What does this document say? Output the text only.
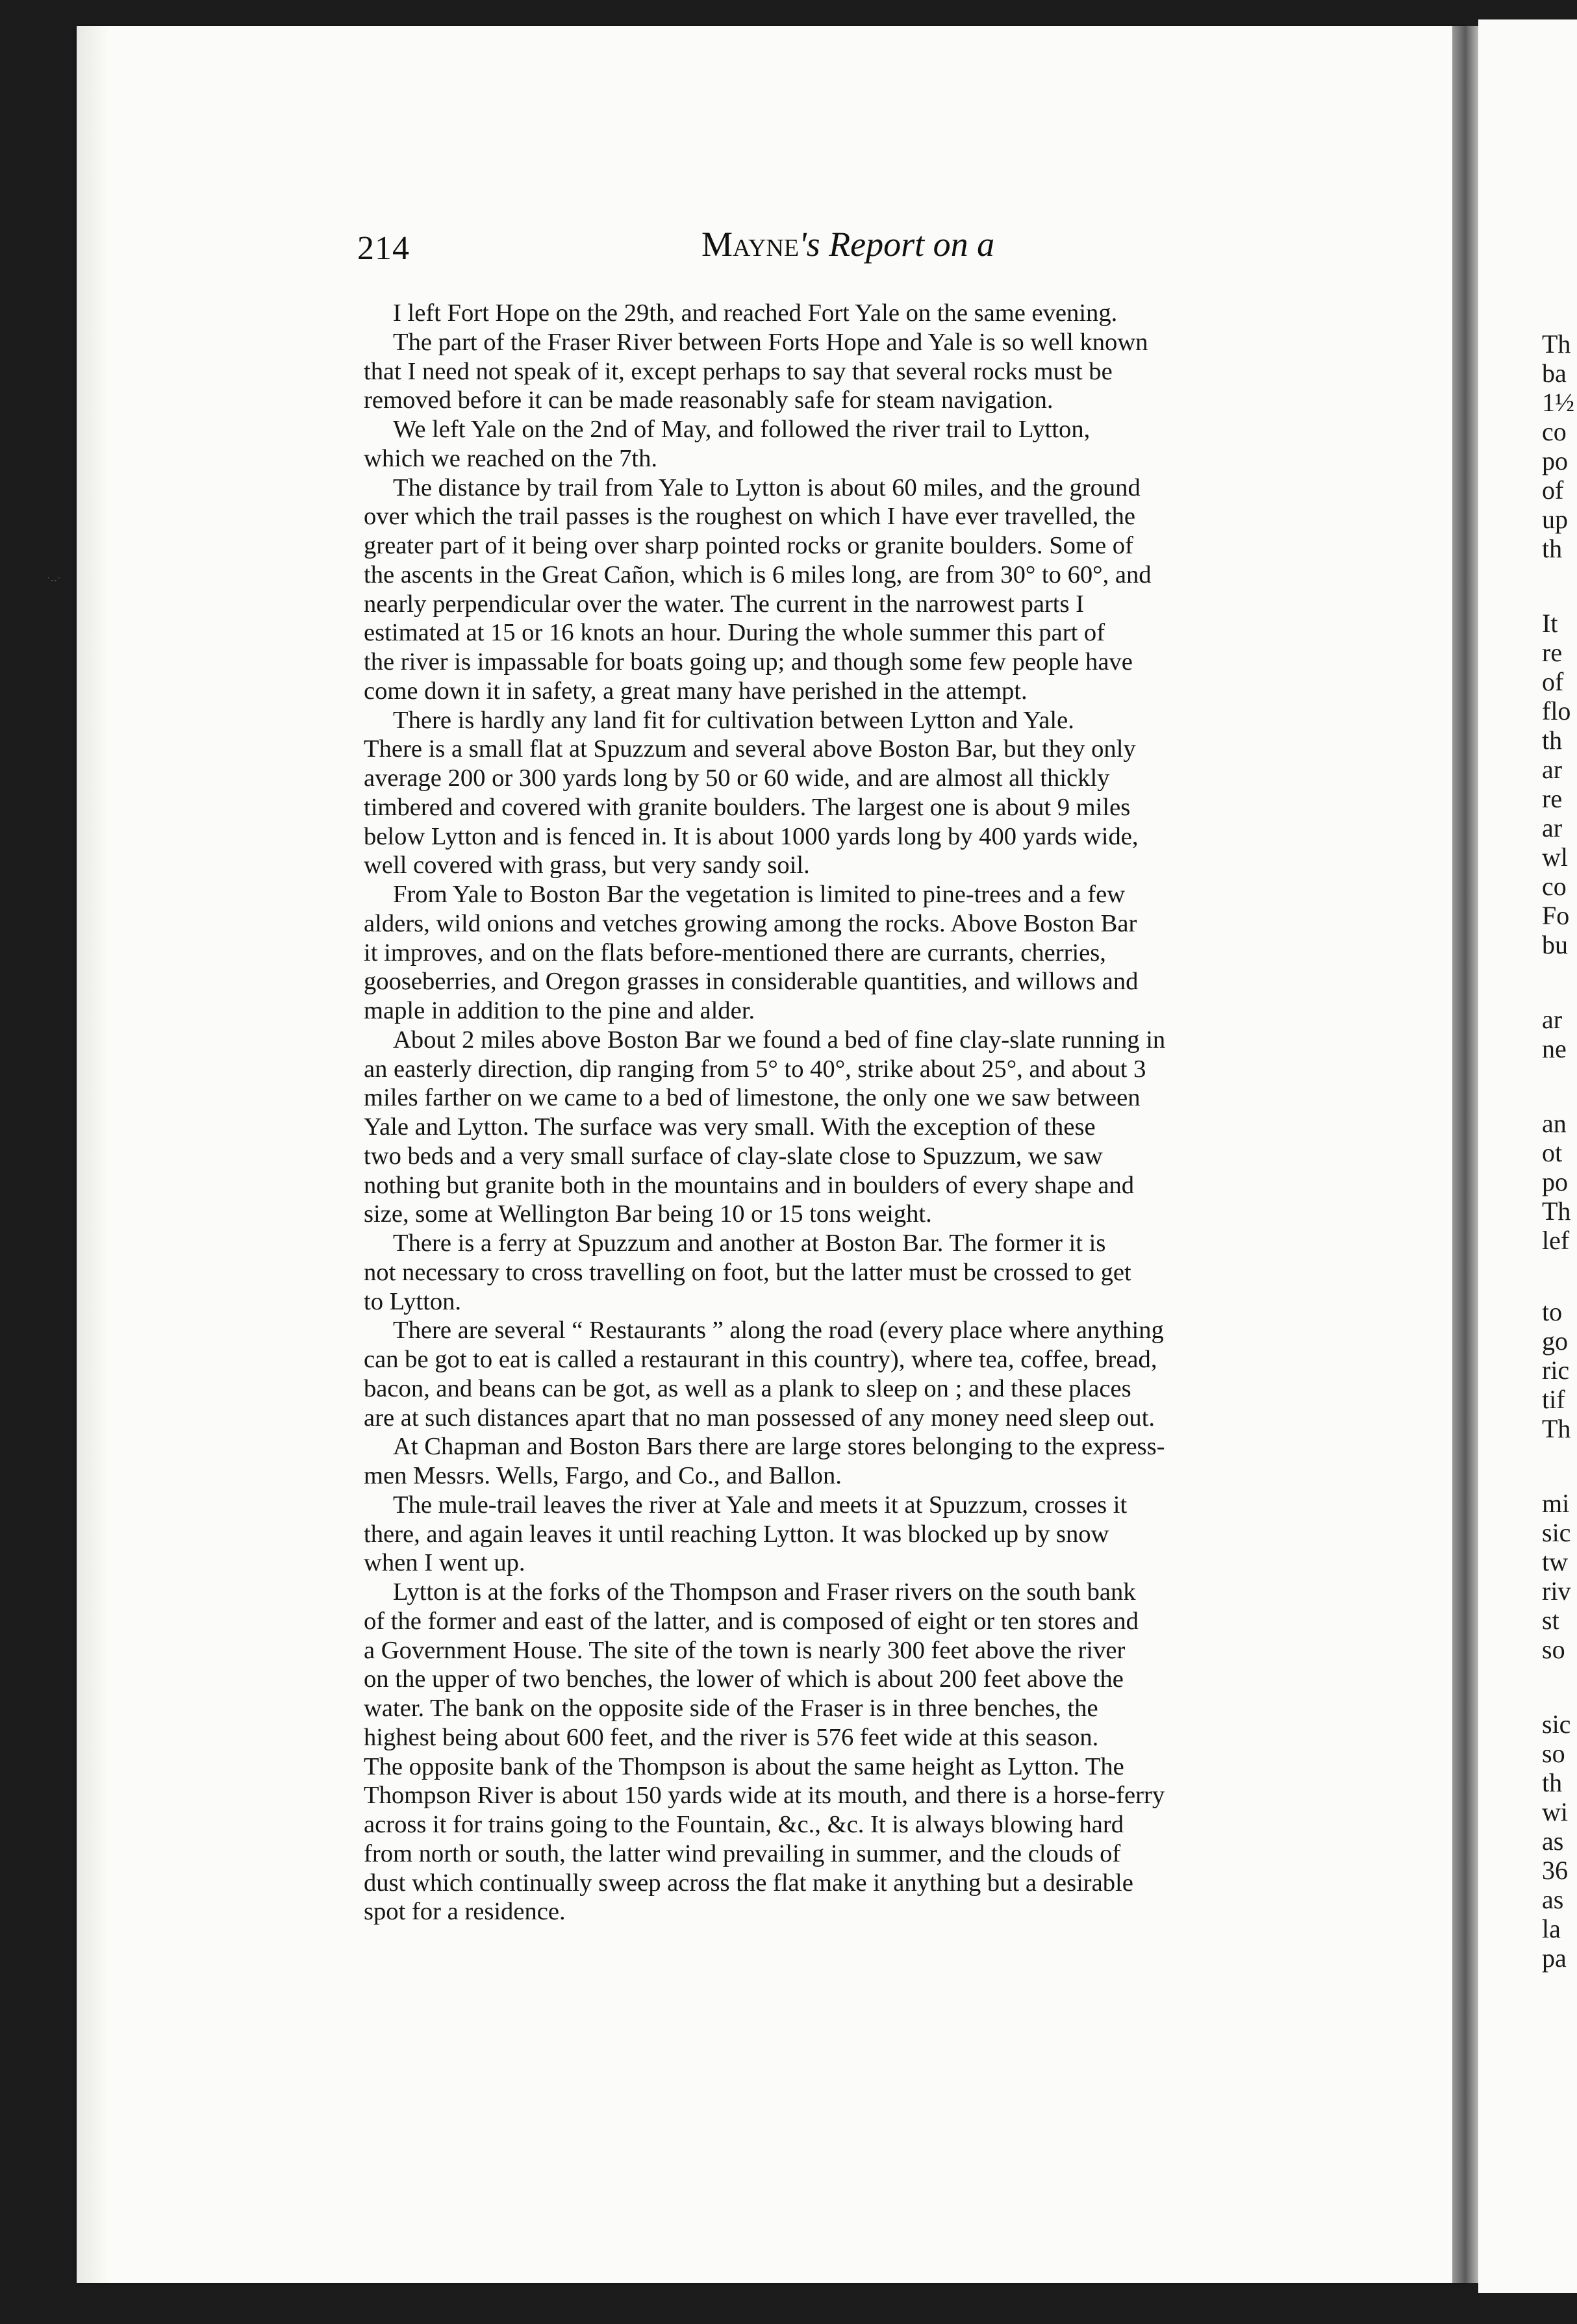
Th
ba
1½
co
po
of
up
th
It
re
of
flo
th
ar
re
ar
wl
co
Fo
bu
ar
ne
an
ot
po
Th
lef
to
go
ric
tif
Th
mi
sic
tw
riv
st
so
sic
so
th
wi
as
36
as
la
pa
·‥·
214	Mayne's Report on a
I left Fort Hope on the 29th, and reached Fort Yale on the same evening.
The part of the Fraser River between Forts Hope and Yale is so well known
that I need not speak of it, except perhaps to say that several rocks must be
removed before it can be made reasonably safe for steam navigation.
We left Yale on the 2nd of May, and followed the river trail to Lytton,
which we reached on the 7th.
The distance by trail from Yale to Lytton is about 60 miles, and the ground
over which the trail passes is the roughest on which I have ever travelled, the
greater part of it being over sharp pointed rocks or granite boulders. Some of
the ascents in the Great Cañon, which is 6 miles long, are from 30° to 60°, and
nearly perpendicular over the water. The current in the narrowest parts I
estimated at 15 or 16 knots an hour. During the whole summer this part of
the river is impassable for boats going up; and though some few people have
come down it in safety, a great many have perished in the attempt.
There is hardly any land fit for cultivation between Lytton and Yale.
There is a small flat at Spuzzum and several above Boston Bar, but they only
average 200 or 300 yards long by 50 or 60 wide, and are almost all thickly
timbered and covered with granite boulders. The largest one is about 9 miles
below Lytton and is fenced in. It is about 1000 yards long by 400 yards wide,
well covered with grass, but very sandy soil.
From Yale to Boston Bar the vegetation is limited to pine-trees and a few
alders, wild onions and vetches growing among the rocks. Above Boston Bar
it improves, and on the flats before-mentioned there are currants, cherries,
gooseberries, and Oregon grasses in considerable quantities, and willows and
maple in addition to the pine and alder.
About 2 miles above Boston Bar we found a bed of fine clay-slate running in
an easterly direction, dip ranging from 5° to 40°, strike about 25°, and about 3
miles farther on we came to a bed of limestone, the only one we saw between
Yale and Lytton. The surface was very small. With the exception of these
two beds and a very small surface of clay-slate close to Spuzzum, we saw
nothing but granite both in the mountains and in boulders of every shape and
size, some at Wellington Bar being 10 or 15 tons weight.
There is a ferry at Spuzzum and another at Boston Bar. The former it is
not necessary to cross travelling on foot, but the latter must be crossed to get
to Lytton.
There are several “ Restaurants ” along the road (every place where anything
can be got to eat is called a restaurant in this country), where tea, coffee, bread,
bacon, and beans can be got, as well as a plank to sleep on ; and these places
are at such distances apart that no man possessed of any money need sleep out.
At Chapman and Boston Bars there are large stores belonging to the express-
men Messrs. Wells, Fargo, and Co., and Ballon.
The mule-trail leaves the river at Yale and meets it at Spuzzum, crosses it
there, and again leaves it until reaching Lytton. It was blocked up by snow
when I went up.
Lytton is at the forks of the Thompson and Fraser rivers on the south bank
of the former and east of the latter, and is composed of eight or ten stores and
a Government House. The site of the town is nearly 300 feet above the river
on the upper of two benches, the lower of which is about 200 feet above the
water. The bank on the opposite side of the Fraser is in three benches, the
highest being about 600 feet, and the river is 576 feet wide at this season.
The opposite bank of the Thompson is about the same height as Lytton. The
Thompson River is about 150 yards wide at its mouth, and there is a horse-ferry
across it for trains going to the Fountain, &c., &c. It is always blowing hard
from north or south, the latter wind prevailing in summer, and the clouds of
dust which continually sweep across the flat make it anything but a desirable
spot for a residence.
